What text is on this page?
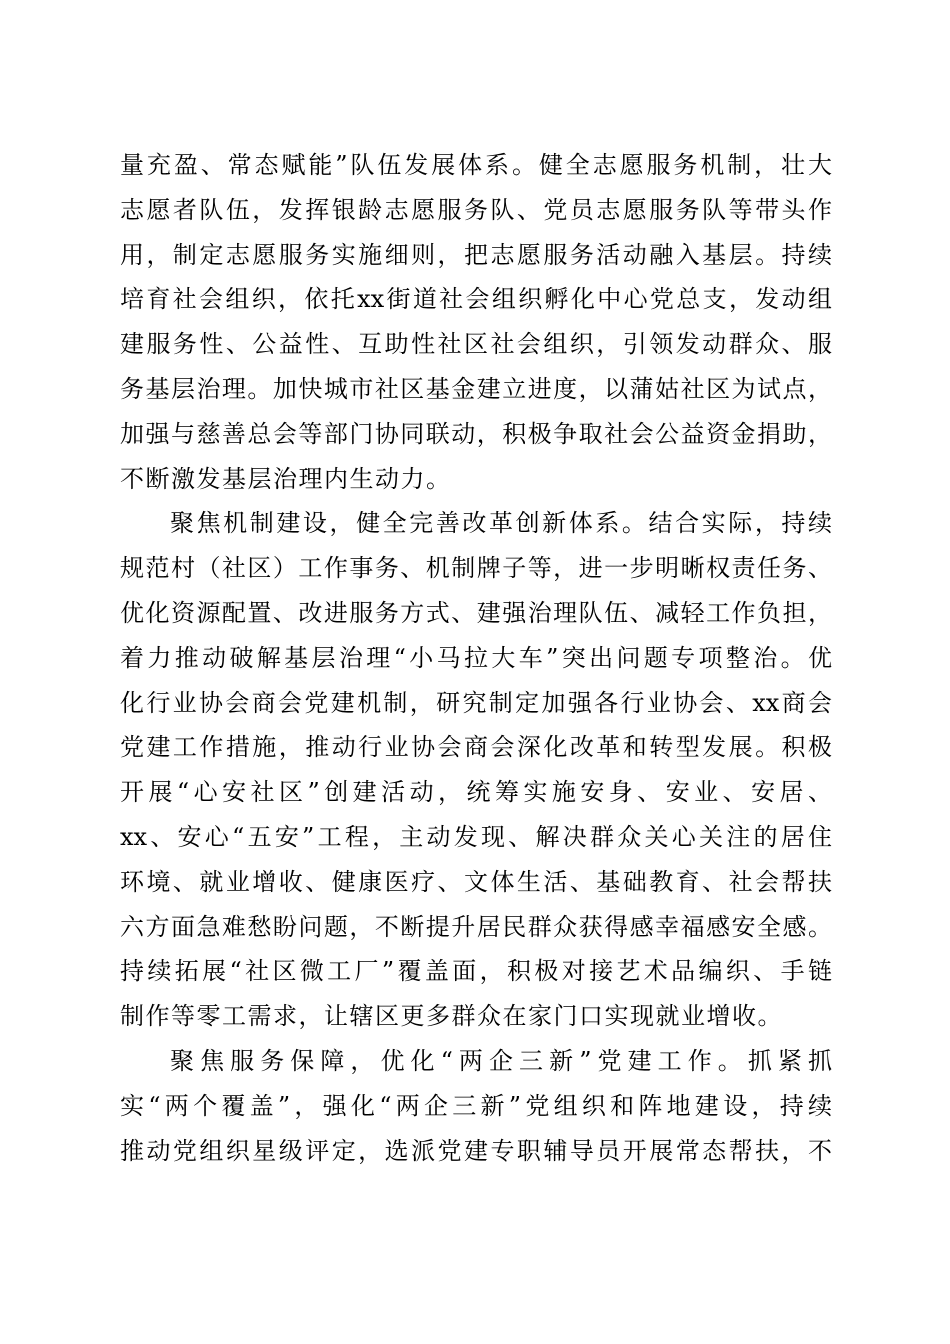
量充盈、常态赋能”队伍发展体系。健全志愿服务机制，壮大
志愿者队伍，发挥银龄志愿服务队、党员志愿服务队等带头作
用，制定志愿服务实施细则，把志愿服务活动融入基层。持续
培育社会组织，依托xx街道社会组织孵化中心党总支，发动组
建服务性、公益性、互助性社区社会组织，引领发动群众、服
务基层治理。加快城市社区基金建立进度，以蒲姑社区为试点，
加强与慈善总会等部门协同联动，积极争取社会公益资金捐助，
不断激发基层治理内生动力。
聚焦机制建设，健全完善改革创新体系。结合实际，持续
规范村（社区）工作事务、机制牌子等，进一步明晰权责任务、
优化资源配置、改进服务方式、建强治理队伍、减轻工作负担，
着力推动破解基层治理“小马拉大车”突出问题专项整治。优
化行业协会商会党建机制，研究制定加强各行业协会、xx商会
党建工作措施，推动行业协会商会深化改革和转型发展。积极
开展“心安社区”创建活动，统筹实施安身、安业、安居、
xx、安心“五安”工程，主动发现、解决群众关心关注的居住
环境、就业增收、健康医疗、文体生活、基础教育、社会帮扶
六方面急难愁盼问题，不断提升居民群众获得感幸福感安全感。
持续拓展“社区微工厂”覆盖面，积极对接艺术品编织、手链
制作等零工需求，让辖区更多群众在家门口实现就业增收。
聚焦服务保障，优化“两企三新”党建工作。抓紧抓
实“两个覆盖”，强化“两企三新”党组织和阵地建设，持续
推动党组织星级评定，选派党建专职辅导员开展常态帮扶，不
